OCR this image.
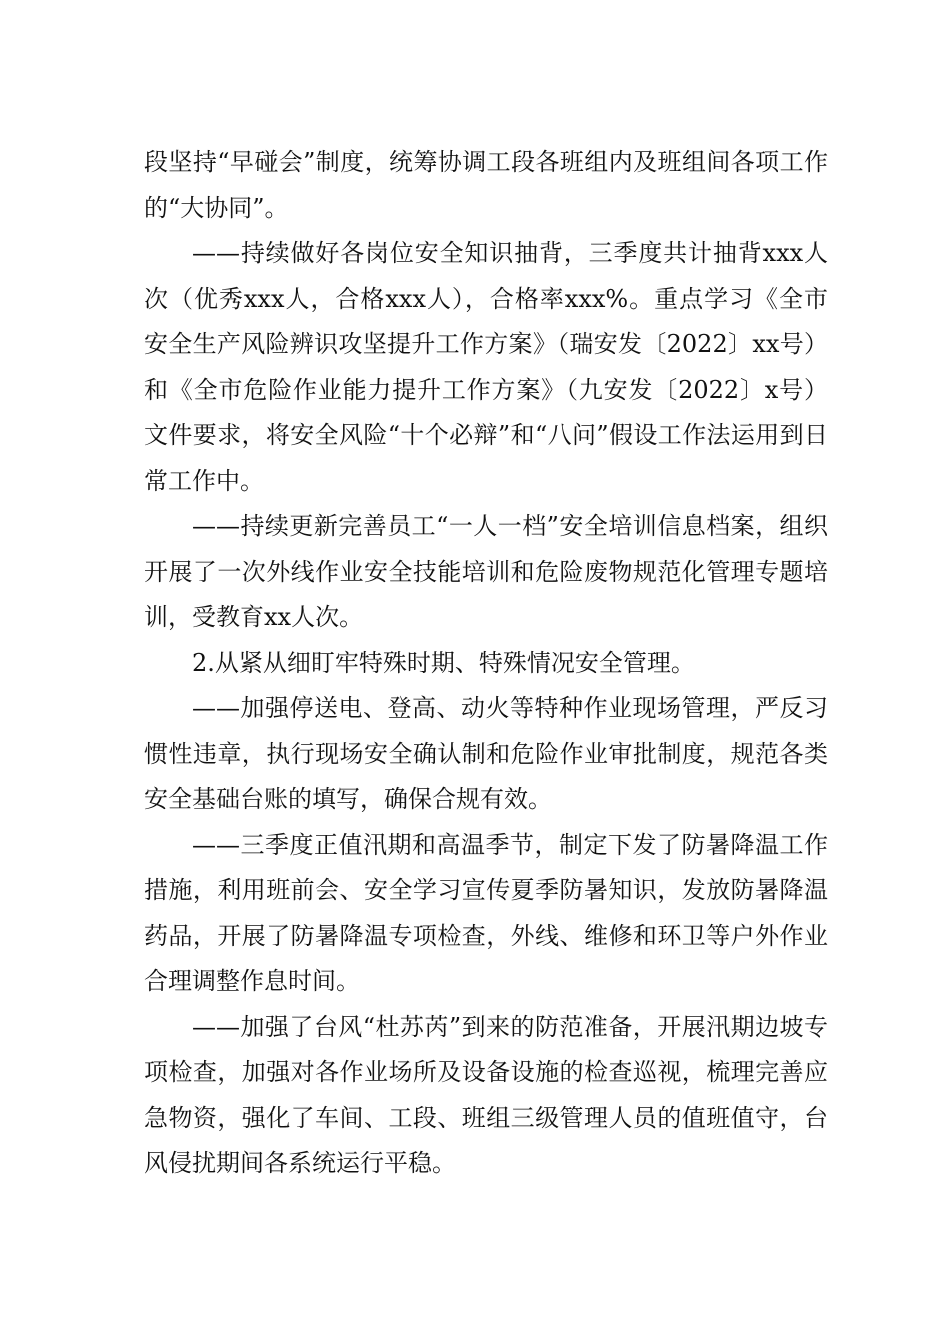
段坚持“早碰会”制度，统筹协调工段各班组内及班组间各项工作的“大协同”。

——持续做好各岗位安全知识抽背，三季度共计抽背xxx人次（优秀xxx人，合格xxx人），合格率xxx%。重点学习《全市安全生产风险辨识攻坚提升工作方案》（瑞安发〔2022〕xx号）和《全市危险作业能力提升工作方案》（九安发〔2022〕x号）文件要求，将安全风险“十个必辩”和“八问”假设工作法运用到日常工作中。

——持续更新完善员工“一人一档”安全培训信息档案，组织开展了一次外线作业安全技能培训和危险废物规范化管理专题培训，受教育xx人次。

2.从紧从细盯牢特殊时期、特殊情况安全管理。

——加强停送电、登高、动火等特种作业现场管理，严反习惯性违章，执行现场安全确认制和危险作业审批制度，规范各类安全基础台账的填写，确保合规有效。

——三季度正值汛期和高温季节，制定下发了防暑降温工作措施，利用班前会、安全学习宣传夏季防暑知识，发放防暑降温药品，开展了防暑降温专项检查，外线、维修和环卫等户外作业合理调整作息时间。

——加强了台风“杜苏芮”到来的防范准备，开展汛期边坡专项检查，加强对各作业场所及设备设施的检查巡视，梳理完善应急物资，强化了车间、工段、班组三级管理人员的值班值守，台风侵扰期间各系统运行平稳。
